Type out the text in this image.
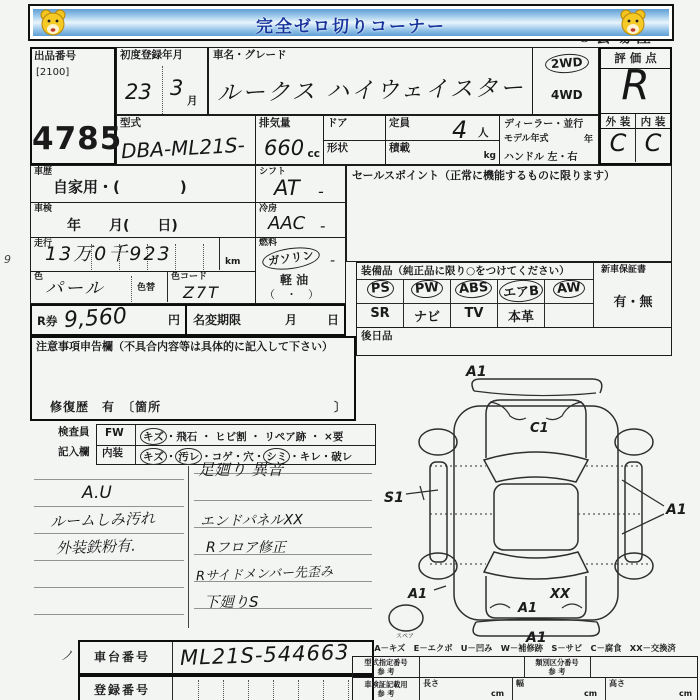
完全ゼロ切りコーナー
出品番号
[2100]
4785
初度登録年月
23 3
月
車名・グレード
ルークス ハイウェイスター
2WD
4WD
評 価 点
R
外 装 内 装
C C
型式
DBA-ML21S-
排気量
660 cc
ドア
形状
定員 4 人
積載
kg
ディーラー・並行
モデル年式	年
ハンドル 左・右
車歴
自家用・(　　　　)
シフト
AT -
セールスポイント（正常に機能するものに限ります）
車検
年　　月(　　日)
冷房
AAC -
走行
km
13万0千923	燃料
ガソリン	-
軽 油
（　・　）
色
パール	色替
色コード
Z7T
R券 9,560	円 名変期限	月 日
装備品（純正品に限り○をつけてください）	新車保証書
有・無
PS	PW	ABS	エアB	AW
SR	ナビ	TV	本革
後日品
注意事項申告欄（不具合内容等は具体的に記入して下さい）
修復歴　 有　 〔箇所	〕
検査員
記入欄
FW
内装
キズ ・飛石 ・ ヒビ割 ・ リペア跡 ・ ×要
キズ ・ 汚レ ・コゲ・穴・ シミ ・キレ・破レ
A.U
ルームしみ汚れ
外装鉄粉有.
足廻り 異音
エンドパネルXX
Rフロア修正
Rサイドメンバー先歪み
下廻りS
A1
C1
S1
A1
A1
A1
XX
A1
スペア
ノ 車台番号 ML21S-544663
登録番号
A－キズ　E－エクボ　U－凹み　W－補修跡　S－サビ　C－腐食　XX－交換済
型式指定番号
参 考
類別区分番号
参 考
車検証記載用
参 考
長さ
cm
幅
cm
高さ
cm
9
